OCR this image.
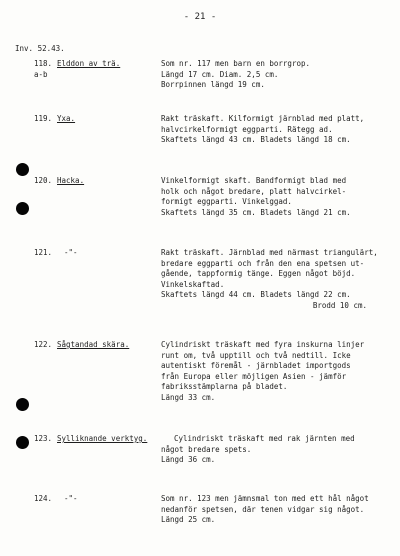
- 21 -
Inv. 52.43.
118.
a-b
Elddon av trä.	Som nr. 117 men barn en borrgrop.
Längd 17 cm. Diam. 2,5 cm.
Borrpinnen längd 19 cm.
119. Yxa.	Rakt träskaft. Kilformigt järnblad med platt,
halvcirkelformigt eggparti. Rätegg ad.
Skaftets längd 43 cm. Bladets längd 18 cm.
120. Hacka.	Vinkelformigt skaft. Bandformigt blad med
holk och något bredare, platt halvcirkel-
formigt eggparti. Vinkelggad.
Skaftets längd 35 cm. Bladets längd 21 cm.
121. -"-	Rakt träskaft. Järnblad med närmast triangulärt,
bredare eggparti och från den ena spetsen ut-
gående, tappformig tänge. Eggen något böjd.
Vinkelskaftad.
Skaftets längd 44 cm. Bladets längd 22 cm.
Brodd 10 cm.
122. Sågtandad skära.	Cylindriskt träskaft med fyra inskurna linjer
runt om, två upptill och två nedtill. Icke
autentiskt föremål - järnbladet importgods
från Europa eller möjligen Asien - jämför
fabriksstämplarna på bladet.
Längd 33 cm.
123. Sylliknande verktyg.	Cylindriskt träskaft med rak järnten med
något bredare spets.
Längd 36 cm.
124. -"-	Som nr. 123 men jämnsmal ton med ett hål något
nedanför spetsen, där tenen vidgar sig något.
Längd 25 cm.
